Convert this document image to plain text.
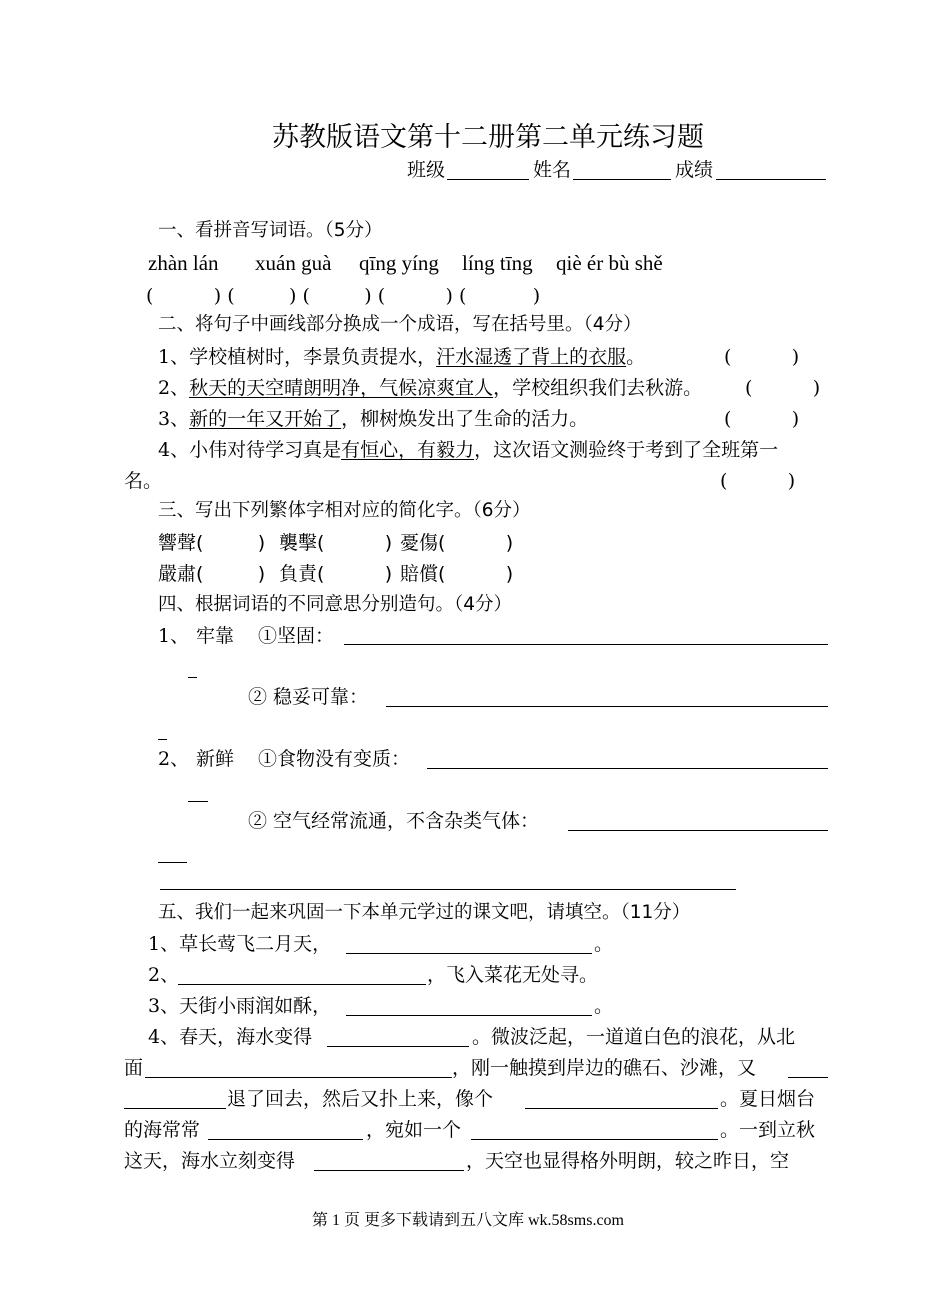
苏教版语文第十二册第二单元练习题
班级	姓名	成绩
一、看拼音写词语。（5分）
zhàn lán xuán guà qīng yíng líng tīng qiè ér bù shě
(          ) (         ) (         ) (          ) (           )
二、将句子中画线部分换成一个成语，写在括号里。（4分）
1、学校植树时，李景负责提水，汗水湿透了背上的衣服。	(          )
2、秋天的天空晴朗明净，气候凉爽宜人，学校组织我们去秋游。 (          )
3、新的一年又开始了，柳树焕发出了生命的活力。	(          )
4、小伟对待学习真是有恒心，有毅力，这次语文测验终于考到了全班第一
名。	(          )
三、写出下列繁体字相对应的简化字。（6分）
響聲(         ) 襲擊(          ) 憂傷(          )
嚴肅(         ) 負責(          ) 賠償(          )
四、根据词语的不同意思分别造句。（4分）
1、 牢靠 ①坚固：
② 稳妥可靠：
2、 新鲜 ①食物没有变质：
② 空气经常流通，不含杂类气体：
五、我们一起来巩固一下本单元学过的课文吧，请填空。（11分）
1、草长莺飞二月天，	。
2、	，飞入菜花无处寻。
3、天街小雨润如酥，	。
4、春天，海水变得	。微波泛起，一道道白色的浪花，从北
面	，刚一触摸到岸边的礁石、沙滩，又
退了回去，然后又扑上来，像个	。夏日烟台
的海常常	，宛如一个	。一到立秋
这天，海水立刻变得	，天空也显得格外明朗，较之昨日，空
第 1 页 更多下载请到五八文库 wk.58sms.com
